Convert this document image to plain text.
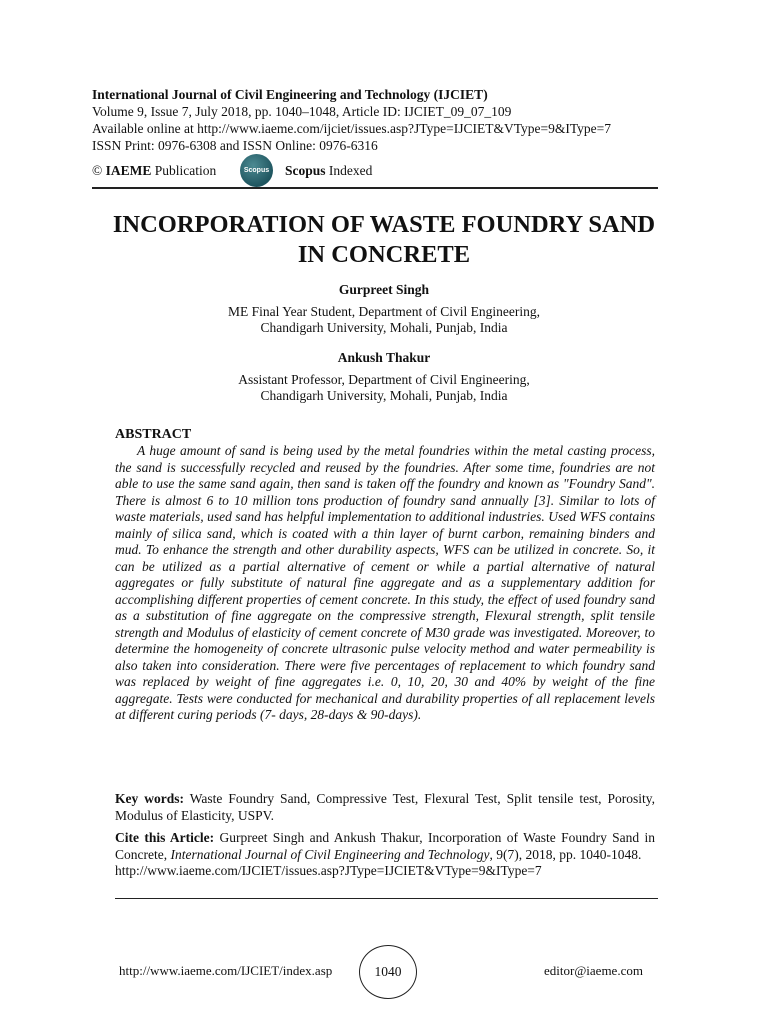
International Journal of Civil Engineering and Technology (IJCIET)
Volume 9, Issue 7, July 2018, pp. 1040–1048, Article ID: IJCIET_09_07_109
Available online at http://www.iaeme.com/ijciet/issues.asp?JType=IJCIET&VType=9&IType=7
ISSN Print: 0976-6308 and ISSN Online: 0976-6316
© IAEME Publication	Scopus Scopus Indexed
INCORPORATION OF WASTE FOUNDRY SAND
IN CONCRETE
Gurpreet Singh
ME Final Year Student, Department of Civil Engineering,
Chandigarh University, Mohali, Punjab, India
Ankush Thakur
Assistant Professor, Department of Civil Engineering,
Chandigarh University, Mohali, Punjab, India
ABSTRACT

A huge amount of sand is being used by the metal foundries within the metal casting process, the sand is successfully recycled and reused by the foundries. After some time, foundries are not able to use the same sand again, then sand is taken off the foundry and known as "Foundry Sand". There is almost 6 to 10 million tons production of foundry sand annually [3]. Similar to lots of waste materials, used sand has helpful implementation to additional industries. Used WFS contains mainly of silica sand, which is coated with a thin layer of burnt carbon, remaining binders and mud. To enhance the strength and other durability aspects, WFS can be utilized in concrete. So, it can be utilized as a partial alternative of cement or while a partial alternative of natural aggregates or fully substitute of natural fine aggregate and as a supplementary addition for accomplishing different properties of cement concrete. In this study, the effect of used foundry sand as a substitution of fine aggregate on the compressive strength, Flexural strength, split tensile strength and Modulus of elasticity of cement concrete of M30 grade was investigated. Moreover, to determine the homogeneity of concrete ultrasonic pulse velocity method and water permeability is also taken into consideration. There were five percentages of replacement to which foundry sand was replaced by weight of fine aggregates i.e. 0, 10, 20, 30 and 40% by weight of the fine aggregate. Tests were conducted for mechanical and durability properties of all replacement levels at different curing periods (7- days, 28-days & 90-days).

Key words: Waste Foundry Sand, Compressive Test, Flexural Test, Split tensile test, Porosity, Modulus of Elasticity, USPV.
Cite this Article: Gurpreet Singh and Ankush Thakur, Incorporation of Waste Foundry Sand in Concrete, International Journal of Civil Engineering and Technology, 9(7), 2018, pp. 1040-1048.
http://www.iaeme.com/IJCIET/issues.asp?JType=IJCIET&VType=9&IType=7
http://www.iaeme.com/IJCIET/index.asp	1040	editor@iaeme.com
